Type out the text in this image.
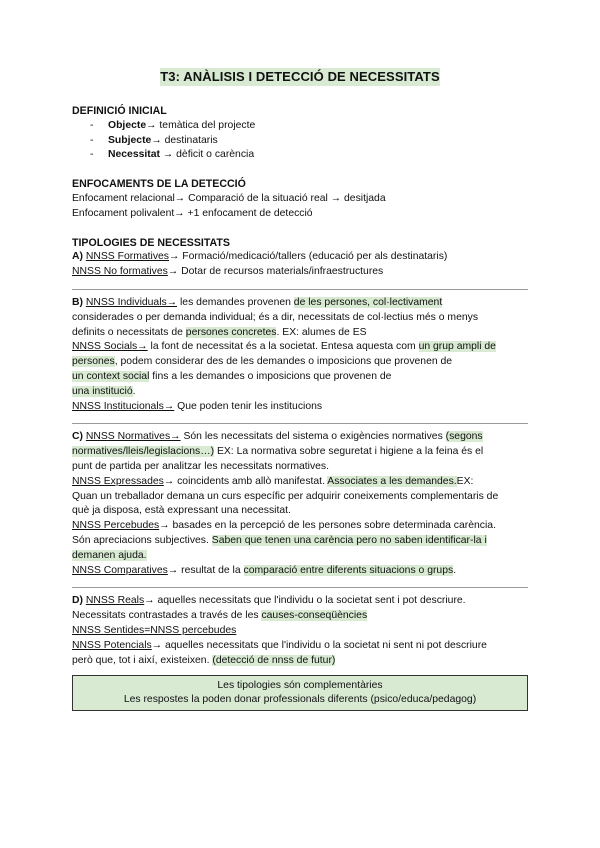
T3: ANÀLISIS I DETECCIÓ DE NECESSITATS
DEFINICIÓ INICIAL
- Objecte→ temàtica del projecte
- Subjecte→ destinataris
- Necessitat → dèficit o carència
ENFOCAMENTS DE LA DETECCIÓ
Enfocament relacional→ Comparació de la situació real → desitjada
Enfocament polivalent→ +1 enfocament de detecció
TIPOLOGIES DE NECESSITATS
A) NNSS Formatives→ Formació/medicació/tallers (educació per als destinataris)
NNSS No formatives→ Dotar de recursos materials/infraestructures
B) NNSS Individuals→ les demandes provenen de les persones, col·lectivament
considerades o per demanda individual; és a dir, necessitats de col·lectius més o menys
definits o necessitats de persones concretes. EX: alumes de ES
NNSS Socials→ la font de necessitat és a la societat. Entesa aquesta com un grup ampli de
persones, podem considerar des de les demandes o imposicions que provenen de
un context social fins a les demandes o imposicions que provenen de
una institució.
NNSS Institucionals→ Que poden tenir les institucions
C) NNSS Normatives→ Són les necessitats del sistema o exigències normatives (segons
normatives/lleis/legislacions…) EX: La normativa sobre seguretat i higiene a la feina és el
punt de partida per analitzar les necessitats normatives.
NNSS Expressades→ coincidents amb allò manifestat. Associates a les demandes.EX:
Quan un treballador demana un curs específic per adquirir coneixements complementaris de
què ja disposa, està expressant una necessitat.
NNSS Percebudes→ basades en la percepció de les persones sobre determinada carència.
Són apreciacions subjectives. Saben que tenen una carència pero no saben identificar-la i
demanen ajuda.
NNSS Comparatives→ resultat de la comparació entre diferents situacions o grups.
D) NNSS Reals→ aquelles necessitats que l'individu o la societat sent i pot descriure.
Necessitats contrastades a través de les causes-conseqüències
NNSS Sentides=NNSS percebudes
NNSS Potencials→ aquelles necessitats que l'individu o la societat ni sent ni pot descriure
però que, tot i així, existeixen. (detecció de nnss de futur)
Les tipologies són complementàries
Les respostes la poden donar professionals diferents (psico/educa/pedagog)
